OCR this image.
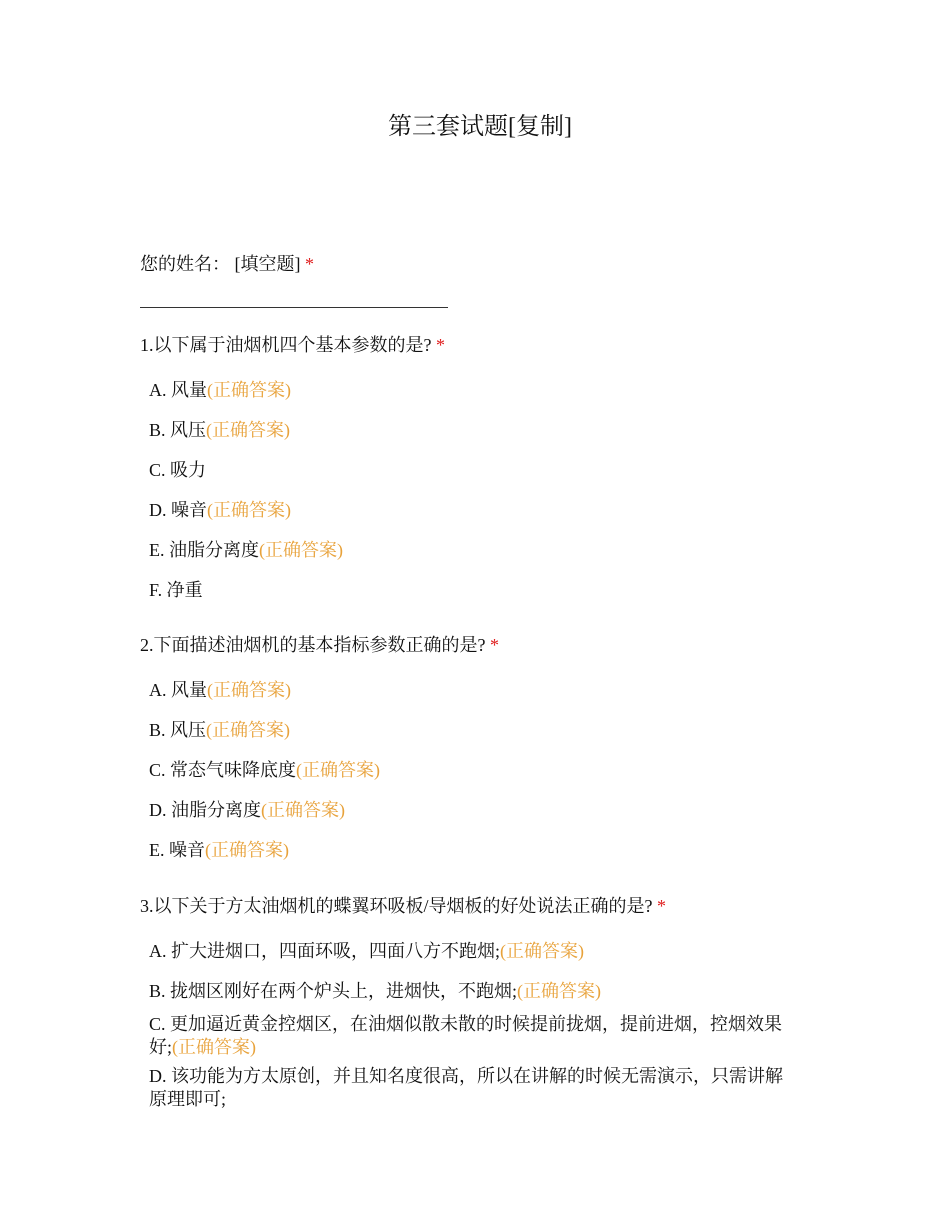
第三套试题[复制]
您的姓名： [填空题] *
1.以下属于油烟机四个基本参数的是? *
A. 风量(正确答案)
B. 风压(正确答案)
C. 吸力
D. 噪音(正确答案)
E. 油脂分离度(正确答案)
F. 净重
2.下面描述油烟机的基本指标参数正确的是? *
A. 风量(正确答案)
B. 风压(正确答案)
C. 常态气味降底度(正确答案)
D. 油脂分离度(正确答案)
E. 噪音(正确答案)
3.以下关于方太油烟机的蝶翼环吸板/导烟板的好处说法正确的是? *
A. 扩大进烟口，四面环吸，四面八方不跑烟;(正确答案)
B. 拢烟区刚好在两个炉头上，进烟快，不跑烟;(正确答案)
C. 更加逼近黄金控烟区，在油烟似散未散的时候提前拢烟，提前进烟，控烟效果好;(正确答案)
D. 该功能为方太原创，并且知名度很高，所以在讲解的时候无需演示，只需讲解原理即可;
